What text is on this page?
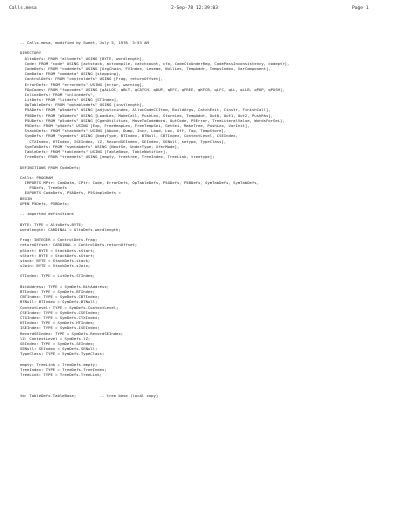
Calls.mesa	2-Sep-78 12:39:03	Page 1
-- Calls.mesa, modified by Sweet, July 5, 1978  3:53 AM
DIRECTORY
AltoDefs: FROM "altodefs" USING [BYTE, wordlength],
Code: FROM "code" USING [actstack, actcompile, catchcount, cfa, CodeCtxUnderReg, CodePassInconsistency, codeptr],
CodeDefs: FROM "codedefs" USING [ArgChain, FVIndex, Lexeme, NullLex, TempAddr, TempsIndex, VarComponent],
ComData: FROM "comdata" USING [stopping],
ControlDefs: FROM "controldefs" USING [Frag, returnOffset],
ErrorDefs: FROM "errordefs" USING [error, warning],
FOpCodes: FROM "fopcodes" USING [qALLOC, qBLT, qCATCH, qDUP, qEFC, qFREE, qKFCB, qLFC, qLL, qLLB, qPOP, qPUSH],
InlineDefs: FROM "inlinedefs",
LitDefs: FROM "litdefs" USING [STIndex],
OpTableDefs: FROM "optabledefs" USING [instlength],
P5ADefs: FROM "p5adefs" USING [adjustccindex, AllocCodeCCItem, BuildArgs, CatchExit, Cinstr, FinishCall],
P5BDefs: FROM "p5bdefs" USING [LoadLex, MakeCall, PushLex, StoreLex, TempAddr, Out0, Out1, Out2, PushRhs],
P5UDefs: FROM "p5udefs" USING [CgenUtilities, MoveToCodeWord, OutCode, P5Error, TreeLiteralValue, WordsForSei],
P5Defs: FROM "p5defs" USING [Exp, FreeHeapLex, FreeTempSei, GetSei, MakeTree, PushLex, VarInit],
StackDefs: FROM "stackdefs" USING [Above, Dump, Incr, Load, Loc, Off, Top, TempStore],
SymDefs: FROM "symdefs" USING [bodyType, BTIndex, BTNull, CBTIndex, ContextLevel, CSEIndex,
CTXIndex, HTIndex, ISEIndex, lZ, RecordSEIndex, SEIndex, SENull, setype, TypeClass],
SymTabDefs: FROM "symtabdefs" USING [NextSe, UnderType, XferMode],
TableDefs: FROM "tabledefs" USING [TableBase, TableNotifier],
TreeDefs: FROM "treedefs" USING [empty, freetree, TreeIndex, TreeLink, treetype];
DEFINITIONS FROM CodeDefs;
Calls: PROGRAM
IMPORTS MPtr: ComData, CPtr: Code, ErrorDefs, OpTableDefs, P5ADefs, P5BDefs, SymTabDefs, SymTabDefs,
P5Defs, TreeDefs
EXPORTS CodeDefs, P5ADefs, P5SimpleDefs =
BEGIN
OPEN P5Defs, P5BDefs;
-- imported definitions
BYTE: TYPE = AltoDefs.BYTE;
wordlength: CARDINAL = AltoDefs.wordlength;
Frag: INTEGER = ControlDefs.Frag;
returnOffset: CARDINAL = ControlDefs.returnOffset;
pStart: BYTE = StackDefs.sStart;
sStart: BYTE = StackDefs.sStart;
stack: BYTE = StackDefs.stack;
sJoin: BYTE = StackDefs.sJoin;
STIndex: TYPE = LitDefs.STIndex;
BitAddress: TYPE = SymDefs.BitAddress;
BTIndex: TYPE = SymDefs.BTIndex;
CBTIndex: TYPE = SymDefs.CBTIndex;
BTNull: BTIndex = SymDefs.BTNull;
ContextLevel: TYPE = SymDefs.ContextLevel;
CSEIndex: TYPE = SymDefs.CSEIndex;
CTXIndex: TYPE = SymDefs.CTXIndex;
HTIndex: TYPE = SymDefs.HTIndex;
ISEIndex: TYPE = SymDefs.ISEIndex;
RecordSEIndex: TYPE = SymDefs.RecordSEIndex;
lZ: ContextLevel = SymDefs.lZ;
SEIndex: TYPE = SymDefs.SEIndex;
SENull: SEIndex = SymDefs.SENull;
TypeClass: TYPE = SymDefs.TypeClass;
empty: TreeLink = TreeDefs.empty;
TreeIndex: TYPE = TreeDefs.TreeIndex;
TreeLink: TYPE = TreeDefs.TreeLink;
tb: TableDefs.TableBase;          -- tree base (local copy)
